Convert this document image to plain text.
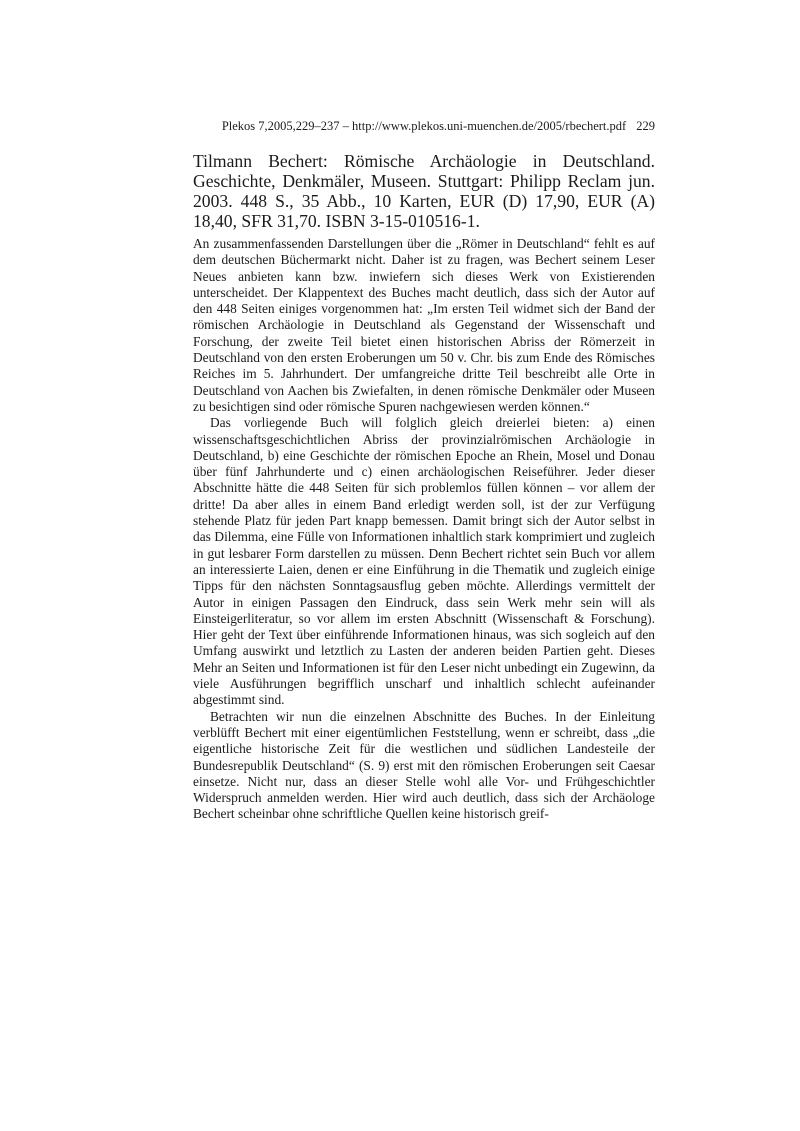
Plekos 7,2005,229–237 – http://www.plekos.uni-muenchen.de/2005/rbechert.pdf 229
Tilmann Bechert: Römische Archäologie in Deutschland. Geschichte, Denkmäler, Museen. Stuttgart: Philipp Reclam jun. 2003. 448 S., 35 Abb., 10 Karten, EUR (D) 17,90, EUR (A) 18,40, SFR 31,70. ISBN 3-15-010516-1.

An zusammenfassenden Darstellungen über die „Römer in Deutschland“ fehlt es auf dem deutschen Büchermarkt nicht. Daher ist zu fragen, was Bechert seinem Leser Neues anbieten kann bzw. inwiefern sich dieses Werk von Existierenden unterscheidet. Der Klappentext des Buches macht deutlich, dass sich der Autor auf den 448 Seiten einiges vorgenommen hat: „Im ersten Teil widmet sich der Band der römischen Archäologie in Deutschland als Gegenstand der Wissenschaft und Forschung, der zweite Teil bietet einen historischen Abriss der Römerzeit in Deutschland von den ersten Eroberungen um 50 v. Chr. bis zum Ende des Römisches Reiches im 5. Jahrhundert. Der umfangreiche dritte Teil beschreibt alle Orte in Deutschland von Aachen bis Zwiefalten, in denen römische Denkmäler oder Museen zu besichtigen sind oder römische Spuren nachgewiesen werden können.“

Das vorliegende Buch will folglich gleich dreierlei bieten: a) einen wissenschaftsgeschichtlichen Abriss der provinzialrömischen Archäologie in Deutschland, b) eine Geschichte der römischen Epoche an Rhein, Mosel und Donau über fünf Jahrhunderte und c) einen archäologischen Reiseführer. Jeder dieser Abschnitte hätte die 448 Seiten für sich problemlos füllen können – vor allem der dritte! Da aber alles in einem Band erledigt werden soll, ist der zur Verfügung stehende Platz für jeden Part knapp bemessen. Damit bringt sich der Autor selbst in das Dilemma, eine Fülle von Informationen inhaltlich stark komprimiert und zugleich in gut lesbarer Form darstellen zu müssen. Denn Bechert richtet sein Buch vor allem an interessierte Laien, denen er eine Einführung in die Thematik und zugleich einige Tipps für den nächsten Sonntagsausflug geben möchte. Allerdings vermittelt der Autor in einigen Passagen den Eindruck, dass sein Werk mehr sein will als Einsteigerliteratur, so vor allem im ersten Abschnitt (Wissenschaft & Forschung). Hier geht der Text über einführende Informationen hinaus, was sich sogleich auf den Umfang auswirkt und letztlich zu Lasten der anderen beiden Partien geht. Dieses Mehr an Seiten und Informationen ist für den Leser nicht unbedingt ein Zugewinn, da viele Ausführungen begrifflich unscharf und inhaltlich schlecht aufeinander abgestimmt sind.

Betrachten wir nun die einzelnen Abschnitte des Buches. In der Einleitung verblüfft Bechert mit einer eigentümlichen Feststellung, wenn er schreibt, dass „die eigentliche historische Zeit für die westlichen und südlichen Landesteile der Bundesrepublik Deutschland“ (S. 9) erst mit den römischen Eroberungen seit Caesar einsetze. Nicht nur, dass an dieser Stelle wohl alle Vor- und Frühgeschichtler Widerspruch anmelden werden. Hier wird auch deutlich, dass sich der Archäologe Bechert scheinbar ohne schriftliche Quellen keine historisch greif-
